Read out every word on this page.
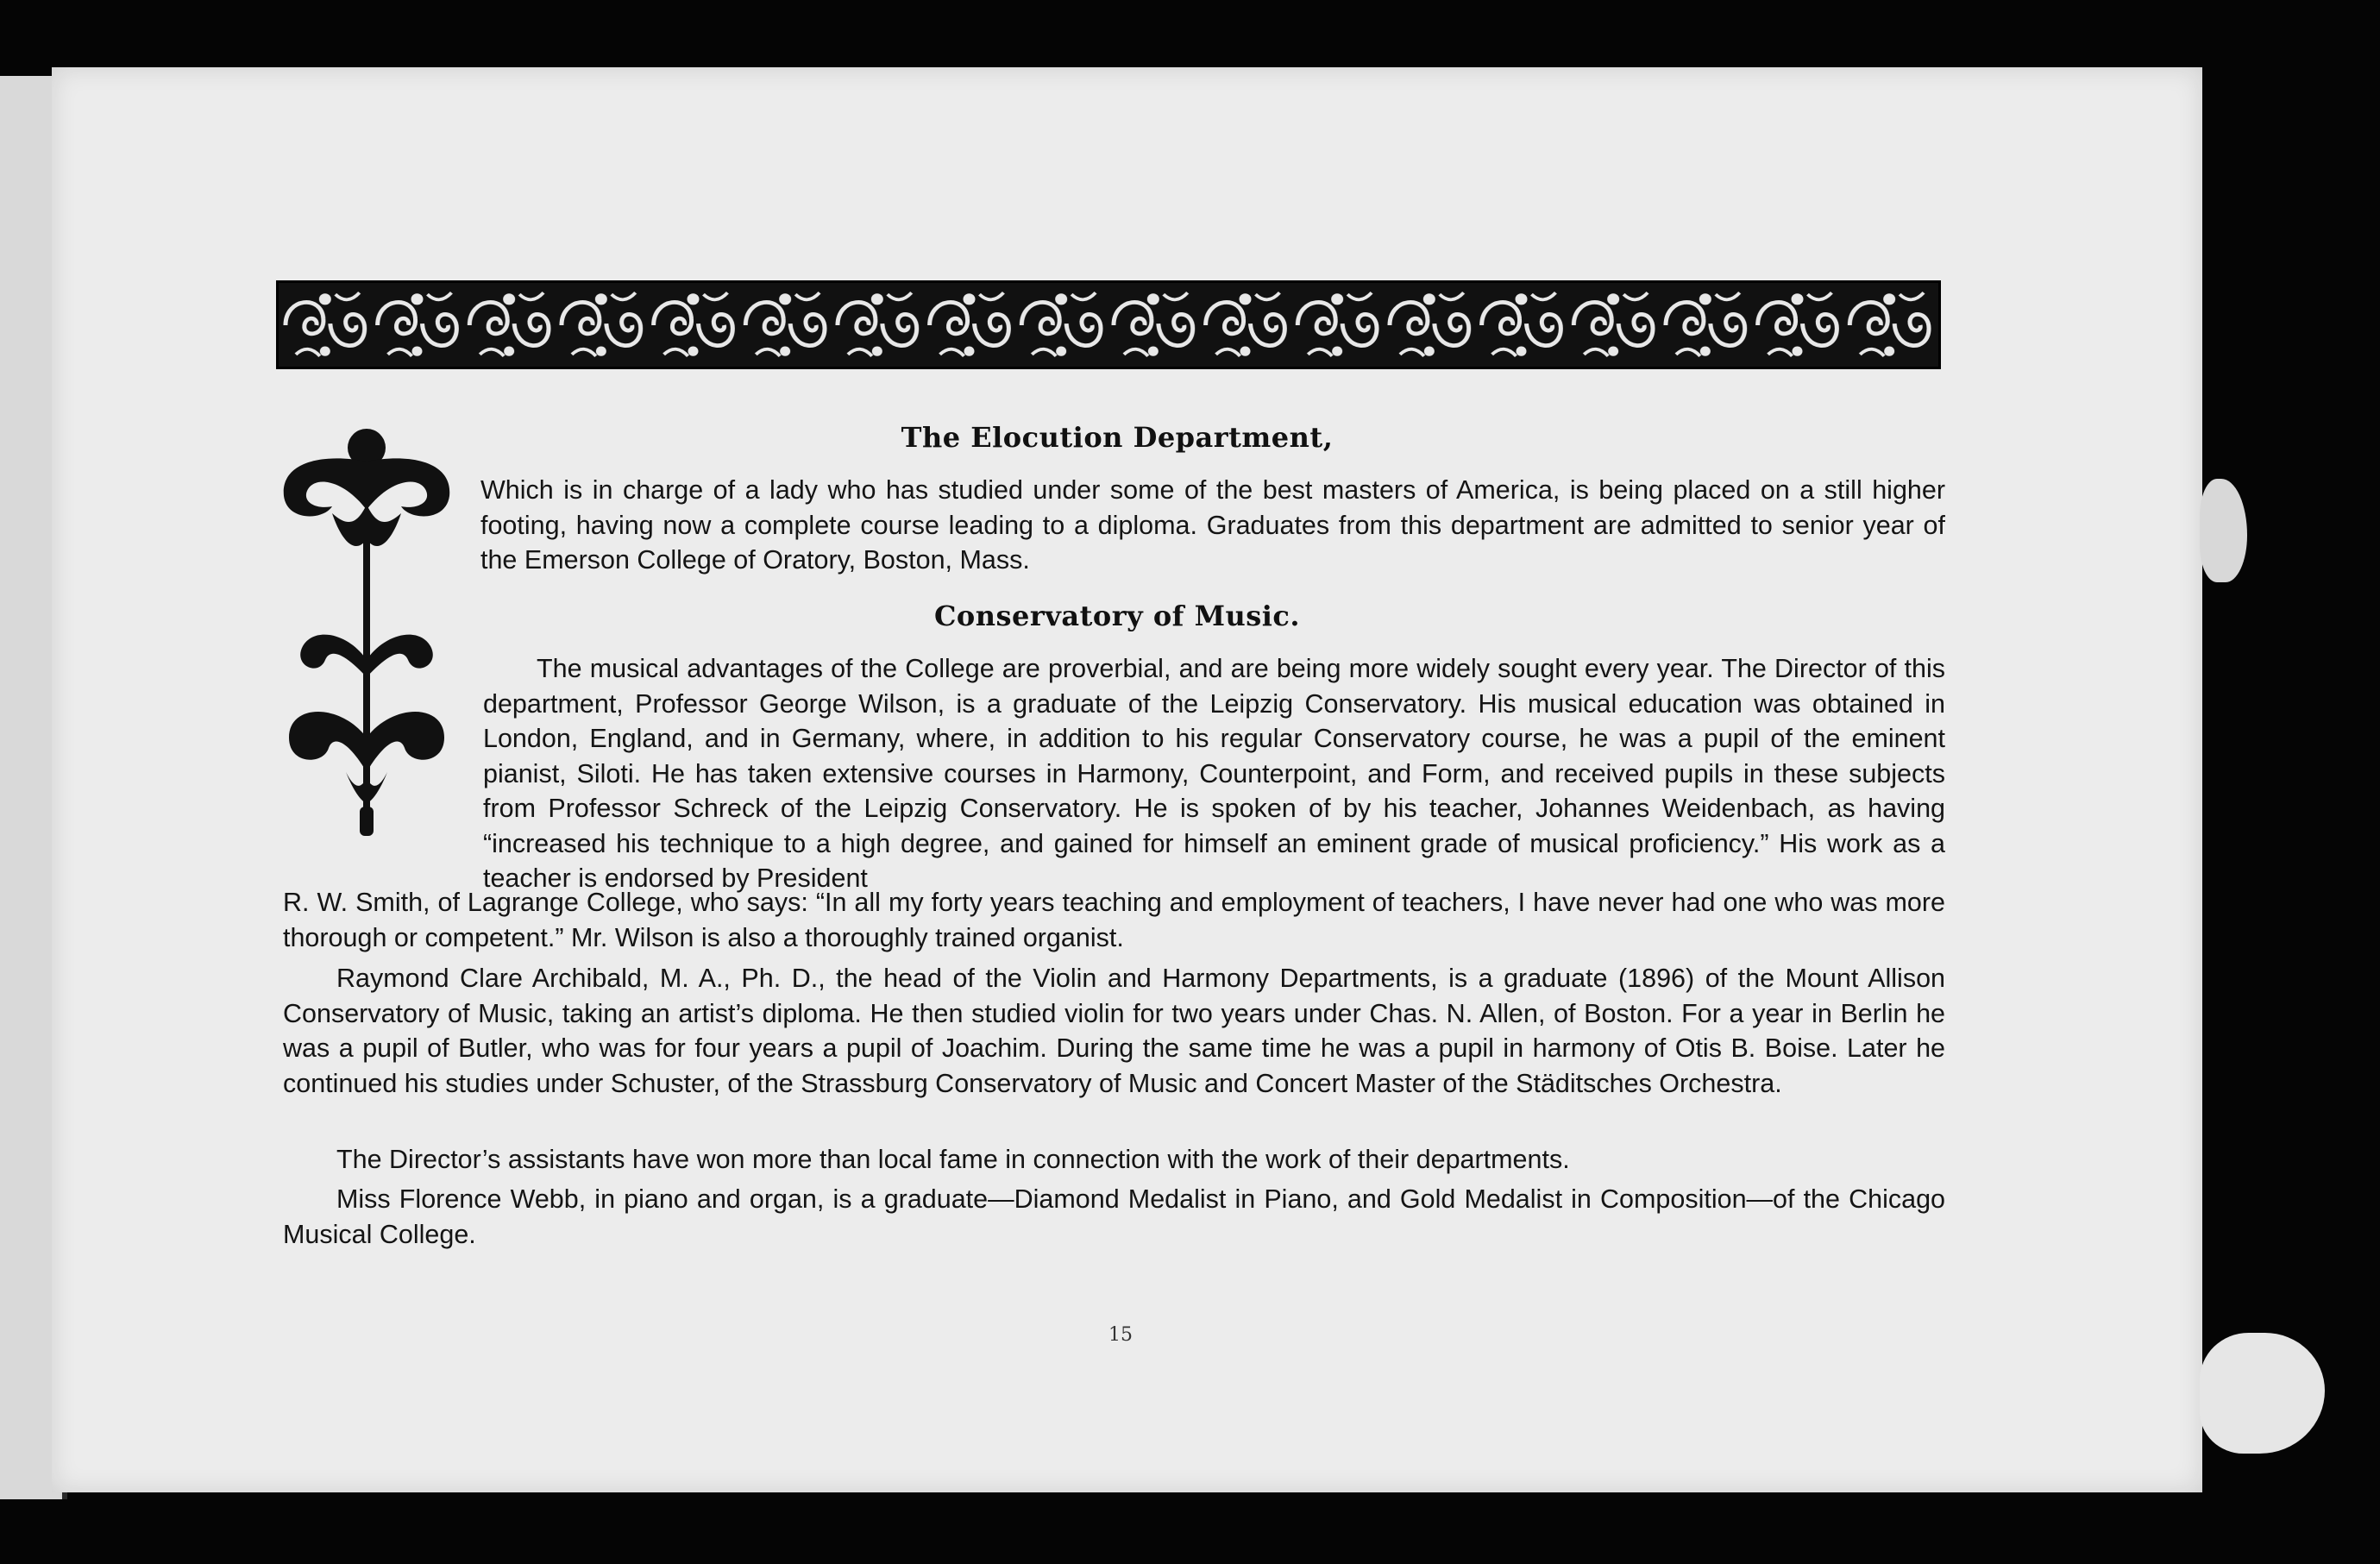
The Elocution Department,

Which is in charge of a lady who has studied under some of the best masters of America, is being placed on a still higher footing, having now a complete course leading to a diploma. Graduates from this department are admitted to senior year of the Emerson College of Oratory, Boston, Mass.

Conservatory of Music.

The musical advantages of the College are proverbial, and are being more widely sought every year. The Director of this department, Professor George Wilson, is a graduate of the Leipzig Conservatory. His musical education was obtained in London, England, and in Germany, where, in addition to his regular Conservatory course, he was a pupil of the eminent pianist, Siloti. He has taken extensive courses in Harmony, Counterpoint, and Form, and received pupils in these subjects from Professor Schreck of the Leipzig Conservatory. He is spoken of by his teacher, Johannes Weidenbach, as having “increased his technique to a high degree, and gained for himself an eminent grade of musical proficiency.” His work as a teacher is endorsed by President

R. W. Smith, of Lagrange College, who says: “In all my forty years teaching and employment of teachers, I have never had one who was more thorough or competent.” Mr. Wilson is also a thoroughly trained organist.

Raymond Clare Archibald, M. A., Ph. D., the head of the Violin and Harmony Departments, is a graduate (1896) of the Mount Allison Conservatory of Music, taking an artist’s diploma. He then studied violin for two years under Chas. N. Allen, of Boston. For a year in Berlin he was a pupil of Butler, who was for four years a pupil of Joachim. During the same time he was a pupil in harmony of Otis B. Boise. Later he continued his studies under Schuster, of the Strassburg Conservatory of Music and Concert Master of the Städitsches Orchestra.

The Director’s assistants have won more than local fame in connection with the work of their departments.

Miss Florence Webb, in piano and organ, is a graduate—Diamond Medalist in Piano, and Gold Medalist in Composition—of the Chicago Musical College.

15
